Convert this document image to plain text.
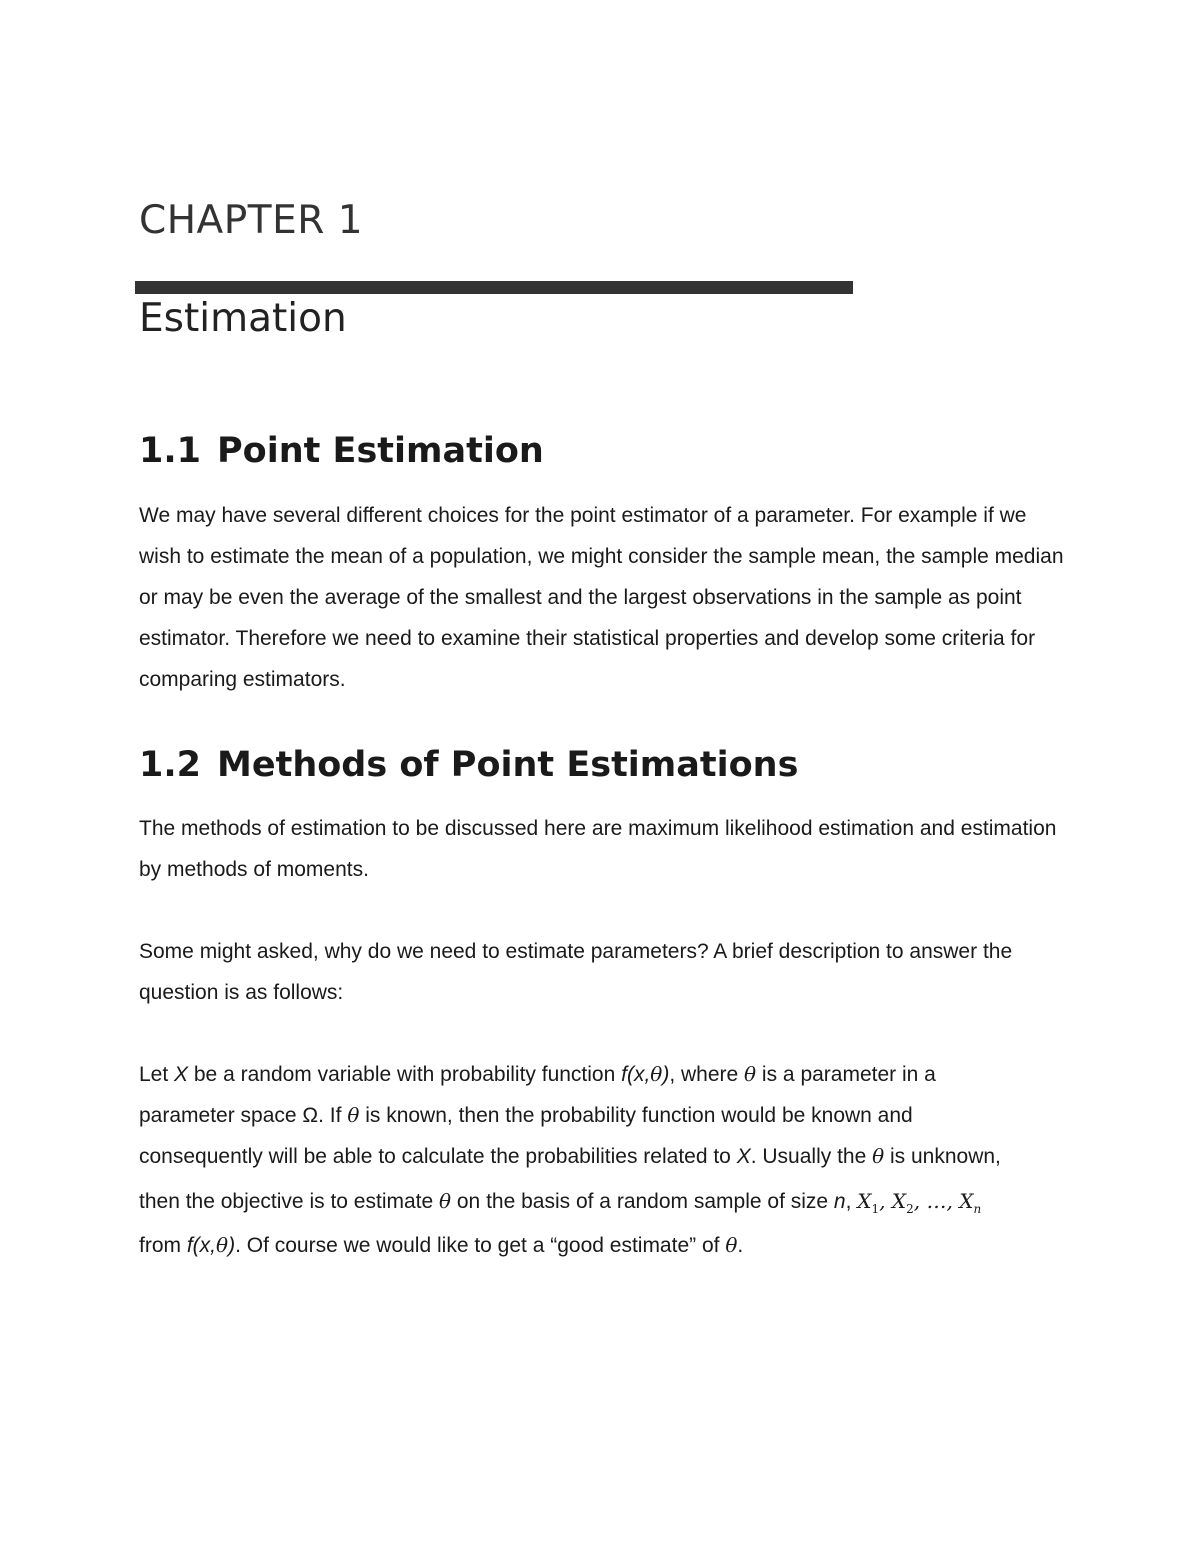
CHAPTER 1
Estimation
1.1 Point Estimation

We may have several different choices for the point estimator of a parameter. For example if we wish to estimate the mean of a population, we might consider the sample mean, the sample median or may be even the average of the smallest and the largest observations in the sample as point estimator. Therefore we need to examine their statistical properties and develop some criteria for comparing estimators.

1.2 Methods of Point Estimations

The methods of estimation to be discussed here are maximum likelihood estimation and estimation by methods of moments.

Some might asked, why do we need to estimate parameters? A brief description to answer the question is as follows:

Let X be a random variable with probability function f(x,θ), where θ is a parameter in a
parameter space Ω. If θ is known, then the probability function would be known and
consequently will be able to calculate the probabilities related to X. Usually the θ is unknown,
then the objective is to estimate θ on the basis of a random sample of size n, $X_1$, $X_2$, …, $X_n$
from f(x,θ). Of course we would like to get a “good estimate” of θ.
